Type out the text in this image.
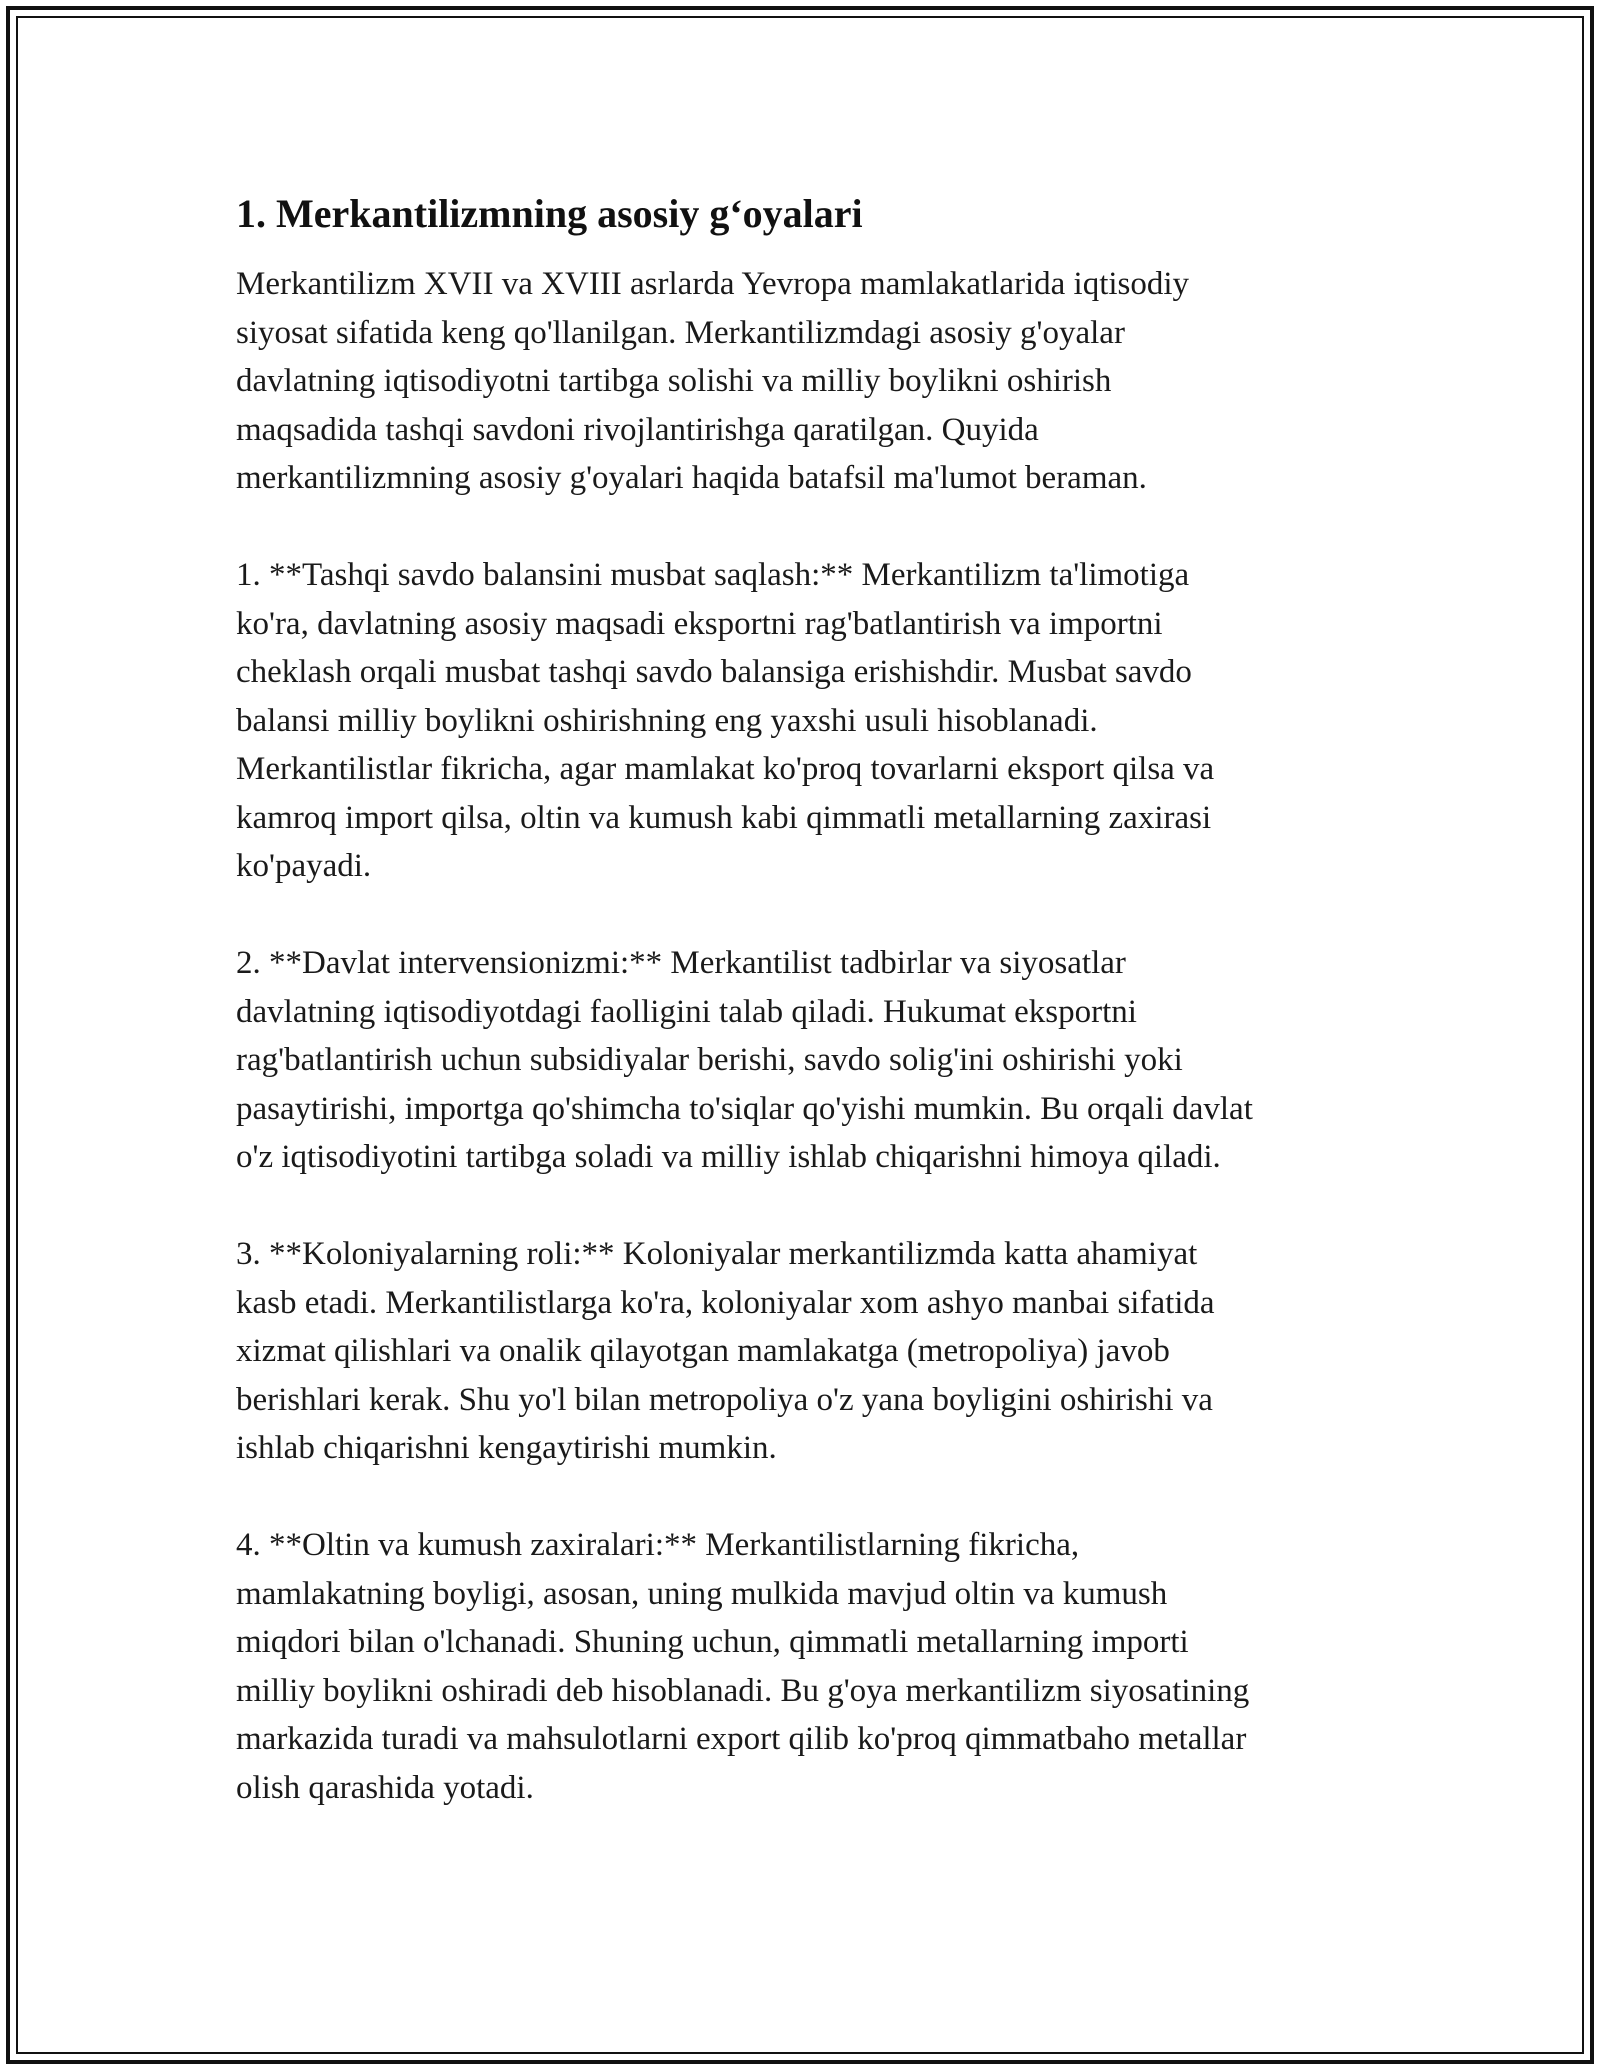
1. Merkantilizmning asosiy g‘oyalari

Merkantilizm XVII va XVIII asrlarda Yevropa mamlakatlarida iqtisodiy
siyosat sifatida keng qo'llanilgan. Merkantilizmdagi asosiy g'oyalar
davlatning iqtisodiyotni tartibga solishi va milliy boylikni oshirish
maqsadida tashqi savdoni rivojlantirishga qaratilgan. Quyida
merkantilizmning asosiy g'oyalari haqida batafsil ma'lumot beraman.

1. **Tashqi savdo balansini musbat saqlash:** Merkantilizm ta'limotiga
ko'ra, davlatning asosiy maqsadi eksportni rag'batlantirish va importni
cheklash orqali musbat tashqi savdo balansiga erishishdir. Musbat savdo
balansi milliy boylikni oshirishning eng yaxshi usuli hisoblanadi.
Merkantilistlar fikricha, agar mamlakat ko'proq tovarlarni eksport qilsa va
kamroq import qilsa, oltin va kumush kabi qimmatli metallarning zaxirasi
ko'payadi.

2. **Davlat intervensionizmi:** Merkantilist tadbirlar va siyosatlar
davlatning iqtisodiyotdagi faolligini talab qiladi. Hukumat eksportni
rag'batlantirish uchun subsidiyalar berishi, savdo solig'ini oshirishi yoki
pasaytirishi, importga qo'shimcha to'siqlar qo'yishi mumkin. Bu orqali davlat
o'z iqtisodiyotini tartibga soladi va milliy ishlab chiqarishni himoya qiladi.

3. **Koloniyalarning roli:** Koloniyalar merkantilizmda katta ahamiyat
kasb etadi. Merkantilistlarga ko'ra, koloniyalar xom ashyo manbai sifatida
xizmat qilishlari va onalik qilayotgan mamlakatga (metropoliya) javob
berishlari kerak. Shu yo'l bilan metropoliya o'z yana boyligini oshirishi va
ishlab chiqarishni kengaytirishi mumkin.

4. **Oltin va kumush zaxiralari:** Merkantilistlarning fikricha,
mamlakatning boyligi, asosan, uning mulkida mavjud oltin va kumush
miqdori bilan o'lchanadi. Shuning uchun, qimmatli metallarning importi
milliy boylikni oshiradi deb hisoblanadi. Bu g'oya merkantilizm siyosatining
markazida turadi va mahsulotlarni export qilib ko'proq qimmatbaho metallar
olish qarashida yotadi.
